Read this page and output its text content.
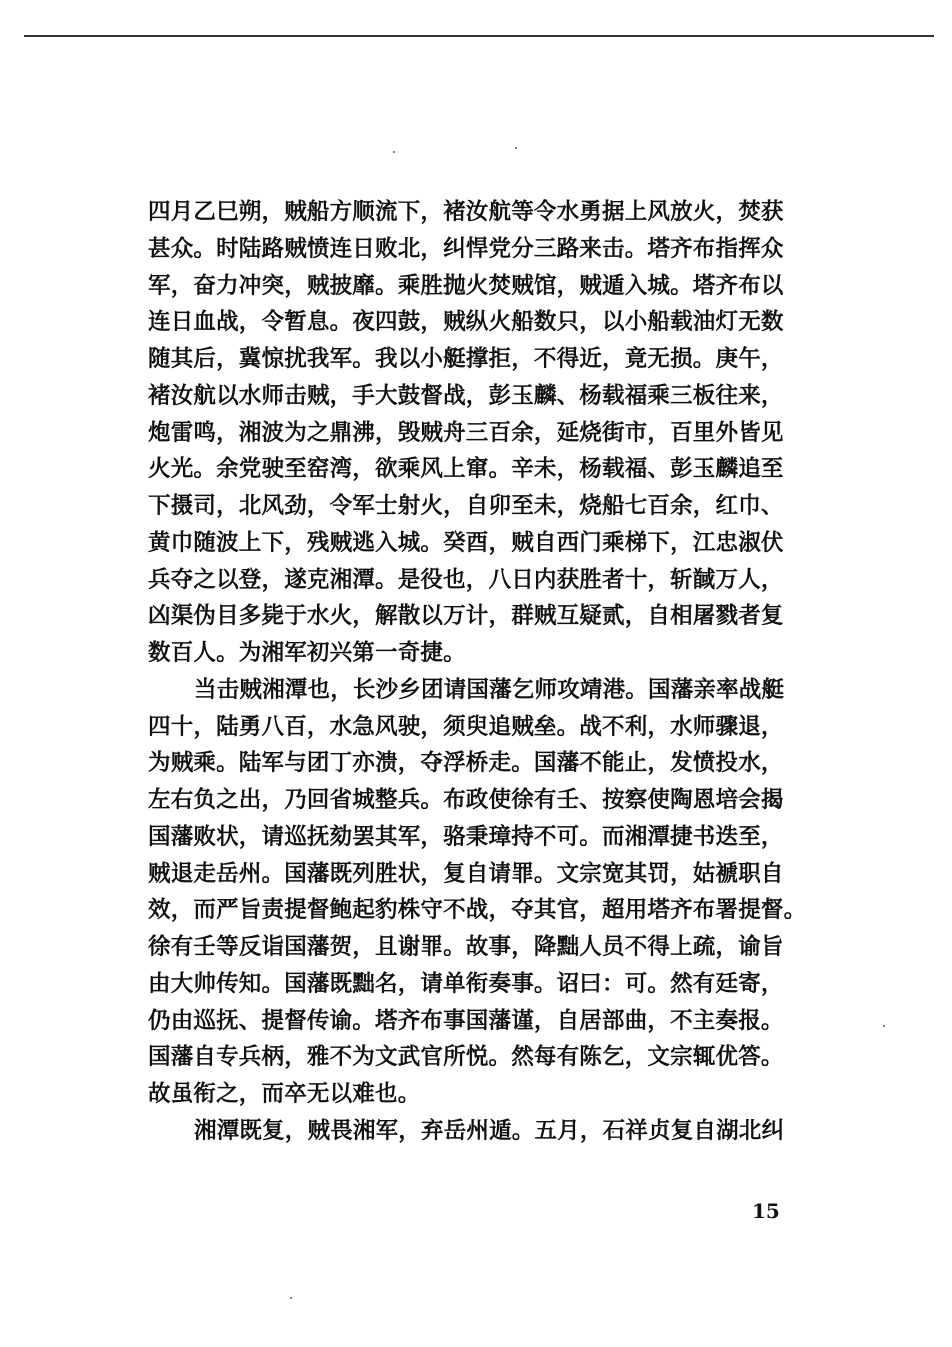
四月乙巳朔，贼船方顺流下，褚汝航等令水勇据上风放火，焚获
甚众。时陆路贼愤连日败北，纠悍党分三路来击。塔齐布指挥众
军，奋力冲突，贼披靡。乘胜抛火焚贼馆，贼遁入城。塔齐布以
连日血战，令暂息。夜四鼓，贼纵火船数只，以小船载油灯无数
随其后，冀惊扰我军。我以小艇撑拒，不得近，竟无损。庚午，
褚汝航以水师击贼，手大鼓督战，彭玉麟、杨载福乘三板往来，
炮雷鸣，湘波为之鼎沸，毁贼舟三百余，延烧街市，百里外皆见
火光。余党驶至窑湾，欲乘风上窜。辛未，杨载福、彭玉麟追至
下摄司，北风劲，令军士射火，自卯至未，烧船七百余，红巾、
黄巾随波上下，残贼逃入城。癸酉，贼自西门乘梯下，江忠淑伏
兵夺之以登，遂克湘潭。是役也，八日内获胜者十，斩馘万人，
凶渠伪目多毙于水火，解散以万计，群贼互疑贰，自相屠戮者复
数百人。为湘军初兴第一奇捷。
当击贼湘潭也，长沙乡团请国藩乞师攻靖港。国藩亲率战艇
四十，陆勇八百，水急风驶，须臾追贼垒。战不利，水师骤退，
为贼乘。陆军与团丁亦溃，夺浮桥走。国藩不能止，发愤投水，
左右负之出，乃回省城整兵。布政使徐有壬、按察使陶恩培会揭
国藩败状，请巡抚劾罢其军，骆秉璋持不可。而湘潭捷书迭至，
贼退走岳州。国藩既列胜状，复自请罪。文宗宽其罚，姑褫职自
效，而严旨责提督鲍起豹株守不战，夺其官，超用塔齐布署提督。
徐有壬等反诣国藩贺，且谢罪。故事，降黜人员不得上疏，谕旨
由大帅传知。国藩既黜名，请单衔奏事。诏曰：可。然有廷寄，
仍由巡抚、提督传谕。塔齐布事国藩谨，自居部曲，不主奏报。
国藩自专兵柄，雅不为文武官所悦。然每有陈乞，文宗辄优答。
故虽衔之，而卒无以难也。
湘潭既复，贼畏湘军，弃岳州遁。五月，石祥贞复自湖北纠
15
